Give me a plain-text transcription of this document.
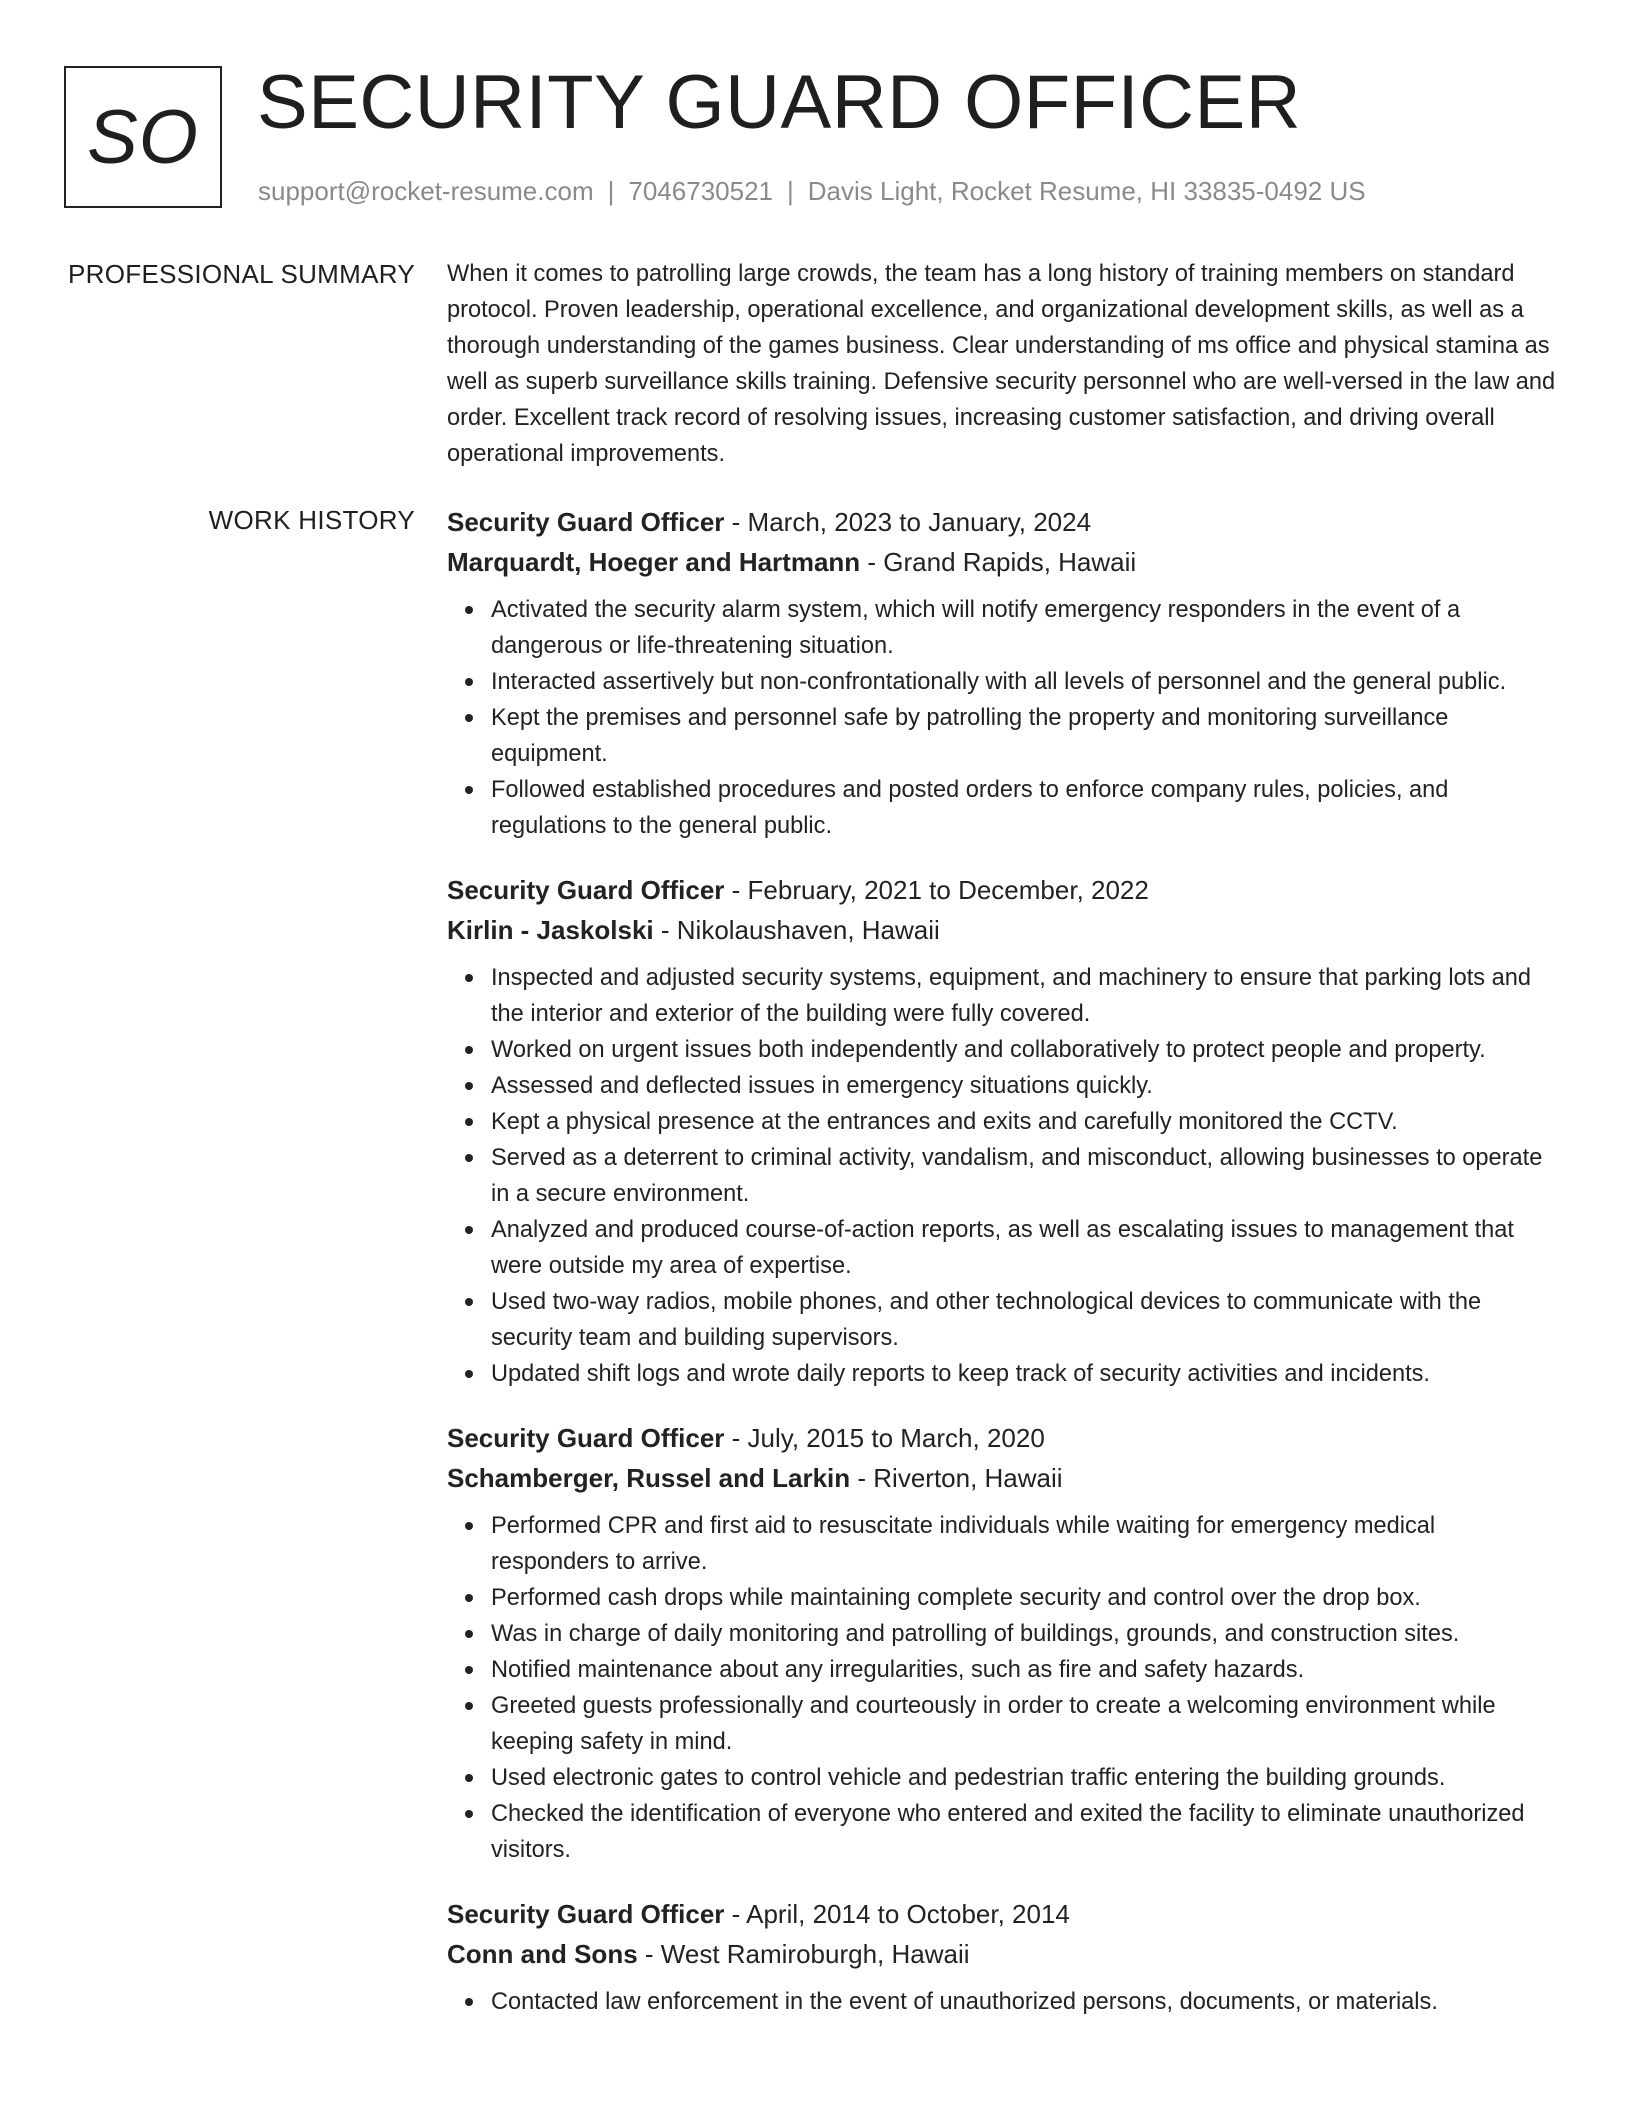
SO SECURITY GUARD OFFICER
support@rocket-resume.com | 7046730521 | Davis Light, Rocket Resume, HI 33835-0492 US
PROFESSIONAL SUMMARY When it comes to patrolling large crowds, the team has a long history of training members on standard protocol. Proven leadership, operational excellence, and organizational development skills, as well as a thorough understanding of the games business. Clear understanding of ms office and physical stamina as well as superb surveillance skills training. Defensive security personnel who are well-versed in the law and order. Excellent track record of resolving issues, increasing customer satisfaction, and driving overall operational improvements.

WORK HISTORY Security Guard Officer - March, 2023 to January, 2024
Marquardt, Hoeger and Hartmann - Grand Rapids, Hawaii
Activated the security alarm system, which will notify emergency responders in the event of a dangerous or life-threatening situation.
Interacted assertively but non-confrontationally with all levels of personnel and the general public.
Kept the premises and personnel safe by patrolling the property and monitoring surveillance equipment.
Followed established procedures and posted orders to enforce company rules, policies, and regulations to the general public.
Security Guard Officer - February, 2021 to December, 2022
Kirlin - Jaskolski - Nikolaushaven, Hawaii
Inspected and adjusted security systems, equipment, and machinery to ensure that parking lots and the interior and exterior of the building were fully covered.
Worked on urgent issues both independently and collaboratively to protect people and property.
Assessed and deflected issues in emergency situations quickly.
Kept a physical presence at the entrances and exits and carefully monitored the CCTV.
Served as a deterrent to criminal activity, vandalism, and misconduct, allowing businesses to operate in a secure environment.
Analyzed and produced course-of-action reports, as well as escalating issues to management that were outside my area of expertise.
Used two-way radios, mobile phones, and other technological devices to communicate with the security team and building supervisors.
Updated shift logs and wrote daily reports to keep track of security activities and incidents.
Security Guard Officer - July, 2015 to March, 2020
Schamberger, Russel and Larkin - Riverton, Hawaii
Performed CPR and first aid to resuscitate individuals while waiting for emergency medical responders to arrive.
Performed cash drops while maintaining complete security and control over the drop box.
Was in charge of daily monitoring and patrolling of buildings, grounds, and construction sites.
Notified maintenance about any irregularities, such as fire and safety hazards.
Greeted guests professionally and courteously in order to create a welcoming environment while keeping safety in mind.
Used electronic gates to control vehicle and pedestrian traffic entering the building grounds.
Checked the identification of everyone who entered and exited the facility to eliminate unauthorized visitors.
Security Guard Officer - April, 2014 to October, 2014
Conn and Sons - West Ramiroburgh, Hawaii
Contacted law enforcement in the event of unauthorized persons, documents, or materials.
